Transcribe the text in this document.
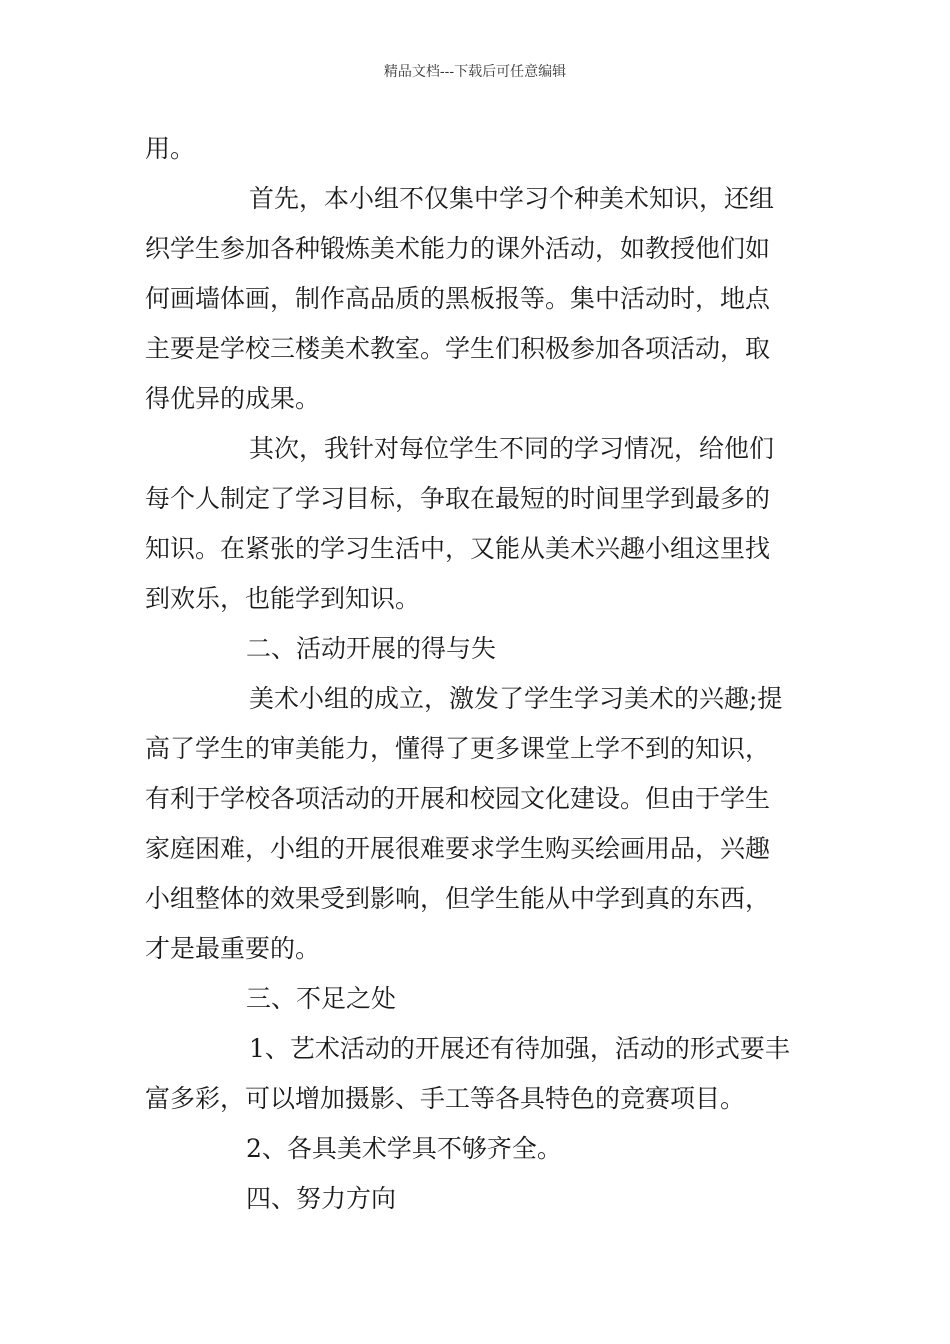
精品文档---下载后可任意编辑
用。
首先，本小组不仅集中学习个种美术知识，还组
织学生参加各种锻炼美术能力的课外活动，如教授他们如
何画墙体画，制作高品质的黑板报等。集中活动时，地点
主要是学校三楼美术教室。学生们积极参加各项活动，取
得优异的成果。
其次，我针对每位学生不同的学习情况，给他们
每个人制定了学习目标，争取在最短的时间里学到最多的
知识。在紧张的学习生活中，又能从美术兴趣小组这里找
到欢乐，也能学到知识。
二、活动开展的得与失
美术小组的成立，激发了学生学习美术的兴趣;提
高了学生的审美能力，懂得了更多课堂上学不到的知识，
有利于学校各项活动的开展和校园文化建设。但由于学生
家庭困难，小组的开展很难要求学生购买绘画用品，兴趣
小组整体的效果受到影响，但学生能从中学到真的东西，
才是最重要的。
三、不足之处
1、艺术活动的开展还有待加强，活动的形式要丰
富多彩，可以增加摄影、手工等各具特色的竞赛项目。
2、各具美术学具不够齐全。
四、努力方向
